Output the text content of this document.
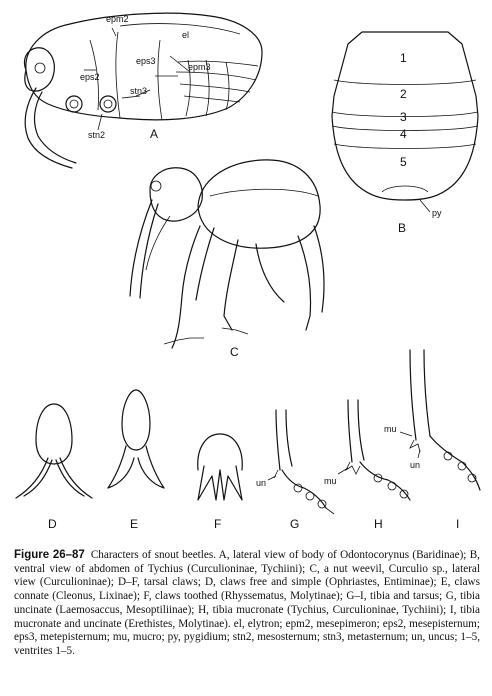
epm2
el
eps3
eps2
epm3
stn3
stn2	A
1
2
3
4
5
py
B
C
D	E	F
un
G
mu
H
mu
un
I
Figure 26–87 Characters of snout beetles. A, lateral view of body of Odontocorynus (Baridinae); B, ventral view of abdomen of Tychius (Curculioninae, Tychiini); C, a nut weevil, Curculio sp., lateral view (Curculioninae); D–F, tarsal claws; D, claws free and simple (Ophriastes, Entiminae); E, claws connate (Cleonus, Lixinae); F, claws toothed (Rhyssematus, Molytinae); G–I, tibia and tarsus; G, tibia uncinate (Laemosaccus, Mesoptiliinae); H, tibia mucronate (Tychius, Curculioninae, Tychiini); I, tibia mucronate and uncinate (Erethistes, Molytinae). el, elytron; epm2, mesepimeron; eps2, mesepisternum; eps3, metepisternum; mu, mucro; py, pygidium; stn2, mesosternum; stn3, metasternum; un, uncus; 1–5, ventrites 1–5.
